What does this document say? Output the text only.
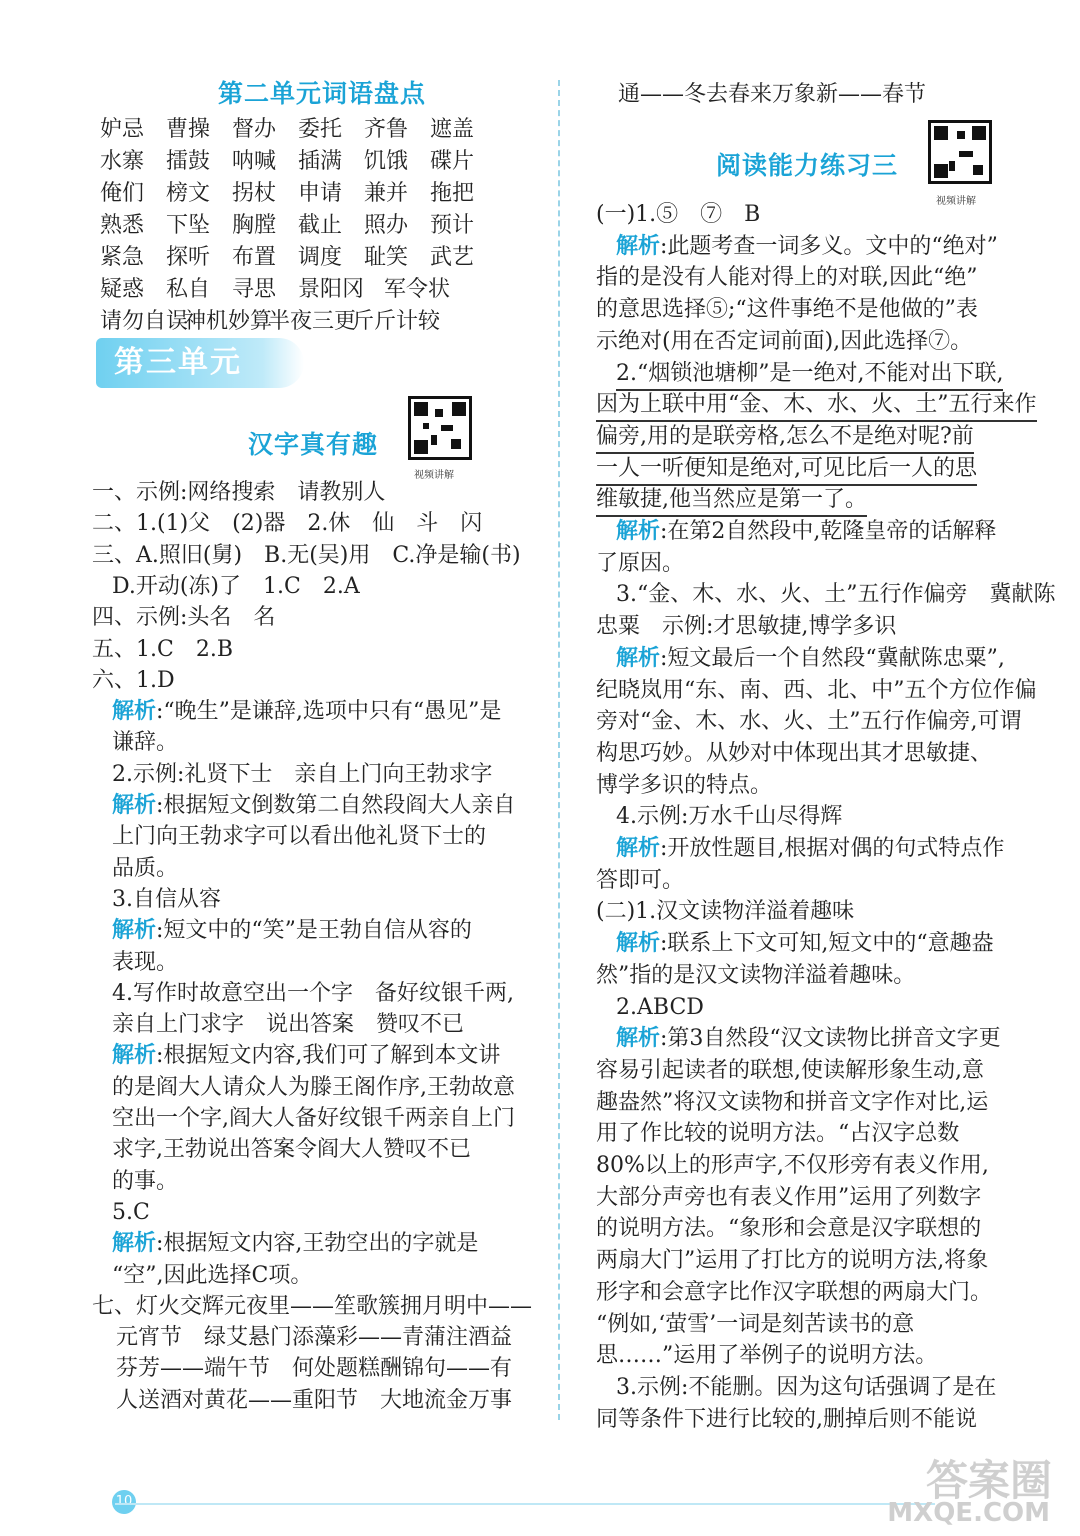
第二单元词语盘点
妒忌 曹操 督办 委托 齐鲁 遮盖
水寨 擂鼓 呐喊 插满 饥饿 碟片
俺们 榜文 拐杖 申请 兼并 拖把
熟悉 下坠 胸膛 截止 照办 预计
紧急 探听 布置 调度 耻笑 武艺
疑惑 私自 寻思 景阳冈 军令状
请勿自误神机妙算半夜三更斤斤计较
第三单元
汉字真有趣
视频讲解
一、示例:网络搜索　请教别人
二、1.(1)父　(2)器　2.休　仙　斗　闪
三、A.照旧(舅)　B.无(吴)用　C.净是输(书)
D.开动(冻)了　1.C　2.A
四、示例:头名　名
五、1.C　2.B
六、1.D
解析:“晚生”是谦辞,选项中只有“愚见”是
谦辞。
2.示例:礼贤下士　亲自上门向王勃求字
解析:根据短文倒数第二自然段阎大人亲自
上门向王勃求字可以看出他礼贤下士的
品质。
3.自信从容
解析:短文中的“笑”是王勃自信从容的
表现。
4.写作时故意空出一个字　备好纹银千两,
亲自上门求字　说出答案　赞叹不已
解析:根据短文内容,我们可了解到本文讲
的是阎大人请众人为滕王阁作序,王勃故意
空出一个字,阎大人备好纹银千两亲自上门
求字,王勃说出答案令阎大人赞叹不已
的事。
5.C
解析:根据短文内容,王勃空出的字就是
“空”,因此选择C项。
七、灯火交辉元夜里——笙歌簇拥月明中——
元宵节　绿艾悬门添藻彩——青蒲注酒益
芬芳——端午节　何处题糕酬锦句——有
人送酒对黄花——重阳节　大地流金万事
通——冬去春来万象新——春节
阅读能力练习三
视频讲解
(一)1.⑤　⑦　B
解析:此题考查一词多义。文中的“绝对”
指的是没有人能对得上的对联,因此“绝”
的意思选择⑤;“这件事绝不是他做的”表
示绝对(用在否定词前面),因此选择⑦。
2.“烟锁池塘柳”是一绝对,不能对出下联,
因为上联中用“金、木、水、火、土”五行来作
偏旁,用的是联旁格,怎么不是绝对呢?前
一人一听便知是绝对,可见比后一人的思
维敏捷,他当然应是第一了。
解析:在第2自然段中,乾隆皇帝的话解释
了原因。
3.“金、木、水、火、土”五行作偏旁　冀献陈
忠粟　示例:才思敏捷,博学多识
解析:短文最后一个自然段“冀献陈忠粟”,
纪晓岚用“东、南、西、北、中”五个方位作偏
旁对“金、木、水、火、土”五行作偏旁,可谓
构思巧妙。从妙对中体现出其才思敏捷、
博学多识的特点。
4.示例:万水千山尽得辉
解析:开放性题目,根据对偶的句式特点作
答即可。
(二)1.汉文读物洋溢着趣味
解析:联系上下文可知,短文中的“意趣盎
然”指的是汉文读物洋溢着趣味。
2.ABCD
解析:第3自然段“汉文读物比拼音文字更
容易引起读者的联想,使读解形象生动,意
趣盎然”将汉文读物和拼音文字作对比,运
用了作比较的说明方法。“占汉字总数
80%以上的形声字,不仅形旁有表义作用,
大部分声旁也有表义作用”运用了列数字
的说明方法。“象形和会意是汉字联想的
两扇大门”运用了打比方的说明方法,将象
形字和会意字比作汉字联想的两扇大门。
“例如,‘萤雪’一词是刻苦读书的意
思……”运用了举例子的说明方法。
3.示例:不能删。因为这句话强调了是在
同等条件下进行比较的,删掉后则不能说
10	答案圈
MXQE.COM
